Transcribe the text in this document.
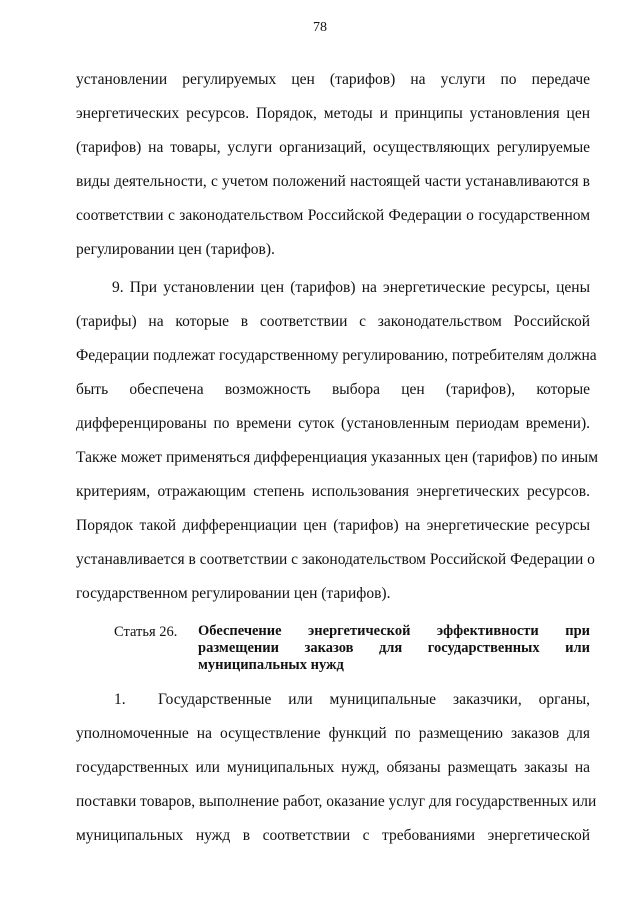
78
установлении регулируемых цен (тарифов) на услуги по передаче
энергетических ресурсов. Порядок, методы и принципы установления цен
(тарифов) на товары, услуги организаций, осуществляющих регулируемые
виды деятельности, с учетом положений настоящей части устанавливаются в
соответствии с законодательством Российской Федерации о государственном
регулировании цен (тарифов).
9. При установлении цен (тарифов) на энергетические ресурсы, цены
(тарифы) на которые в соответствии с законодательством Российской
Федерации подлежат государственному регулированию, потребителям должна
быть обеспечена возможность выбора цен (тарифов), которые
дифференцированы по времени суток (установленным периодам времени).
Также может применяться дифференциация указанных цен (тарифов) по иным
критериям, отражающим степень использования энергетических ресурсов.
Порядок такой дифференциации цен (тарифов) на энергетические ресурсы
устанавливается в соответствии с законодательством Российской Федерации о
государственном регулировании цен (тарифов).
Статья 26. Обеспечение энергетической эффективности при
размещении заказов для государственных или
муниципальных нужд
1. Государственные или муниципальные заказчики, органы,
уполномоченные на осуществление функций по размещению заказов для
государственных или муниципальных нужд, обязаны размещать заказы на
поставки товаров, выполнение работ, оказание услуг для государственных или
муниципальных нужд в соответствии с требованиями энергетической
